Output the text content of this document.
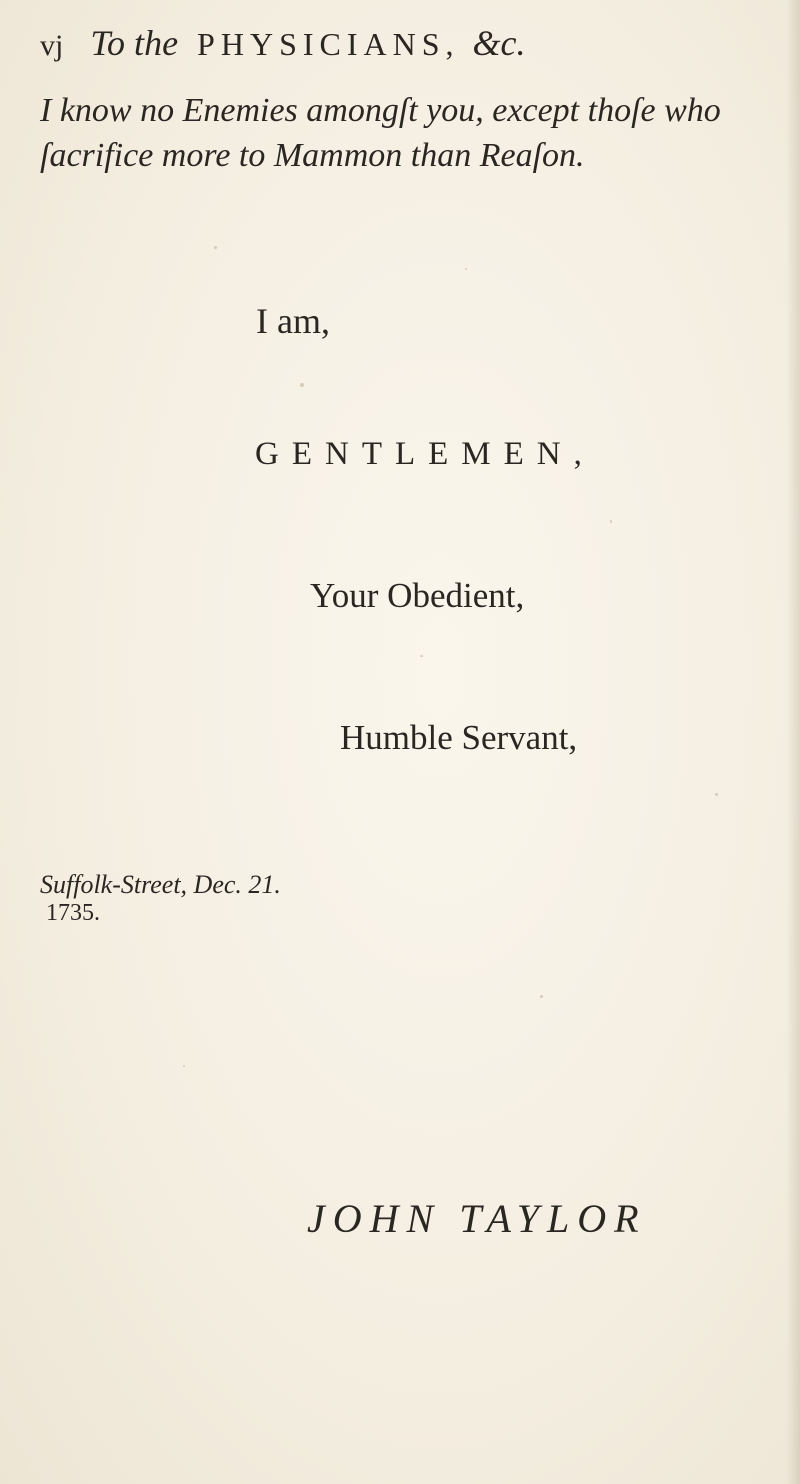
vj To the PHYSICIANS, &c.
I know no Enemies amongſt you, except thoſe who ſacrifice more to Mammon than Reaſon.
I am,
GENTLEMEN,
Your Obedient,
Humble Servant,
Suffolk-Street, Dec. 21.
1735.
JOHN TAYLOR
